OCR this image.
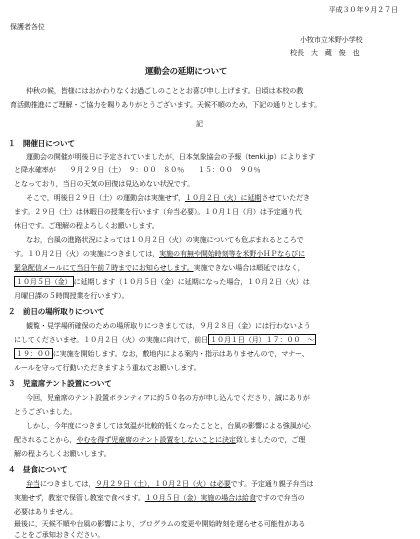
平成３０年９月２７日
保護者各位
小牧市立米野小学校
校長　大　蔵　俊　也
運動会の延期について
仲秋の候，皆様にはおかわりなくお過ごしのこととお喜び申し上げます。日頃は本校の教
育活動推進にご理解・ご協力を賜りありがとうございます。天候不順のため，下記の通りとします。
記
１　開催日について
運動会の開催が明後日に予定されていましたが，日本気象協会の予報（tenki.jp）によります
と降水確率が　　９月２９日（土）　９：００　８０％　　１５：００　９０％
となっており，当日の天気の回復は見込めない状況です。
そこで，明後日２９日（土）の運動会は実施せず，１０月２日（火）に延期させていただき
ます。２９日（土）は休暇日の授業を行います（弁当必要）。１０月１日（月）は予定通り代
休日です。ご理解の程よろしくお願いします。
なお，台風の進路状況によっては１０月２日（火）の実施についても危ぶまれるところで
す。１０月２日（火）の実施につきましては，実施の有無や開始時刻等を米野小ＨＰならびに
緊急配信メールにて当日午前７時までにお知らせします。実施できない場合は順延ではなく，
１０月５日（金） に延期します（１０月５日（金）に延期になった場合，１０月２日（火）は
月曜日課の５時間授業を行います）。
２　前日の場所取りについて
観覧・見学場所確保のための場所取りにつきましては，９月２８日（金）には行わないよう
にしてくださいませ。１０月２日（火）の実施に向けて，前日 １０月１日（月）１７：００　～
１９：００ に実施を開始します。なお，敷地内による案内・指示はありませんので，マナー、
ルールを守って行動いただきますよう重ねてお願いします。
３　児童席テント設置について
今回，児童席のテント設置ボランティアに約５０名の方が申し込んでくださり，誠にありが
とうございました。
しかし，今年度につきましては気温が比較的低くなったことと，台風の影響による強風が心
配されることから，やむを得ず児童席のテント設置をしないことに決定致しましたので，ご理
解の程よろしくお願いします。
４　昼食について
弁当につきましては，９月２９日（土），１０月２日（火）は必要です。予定通り親子弁当は
実施せず，教室で保管し教室で食べます。１０月５日（金）実施の場合は給食ですので弁当の
必要はありません。
最後に，天候不順や台風の影響により，プログラムの変更や開始時刻を遅らせる可能性がある
ことをご承知おきください。
